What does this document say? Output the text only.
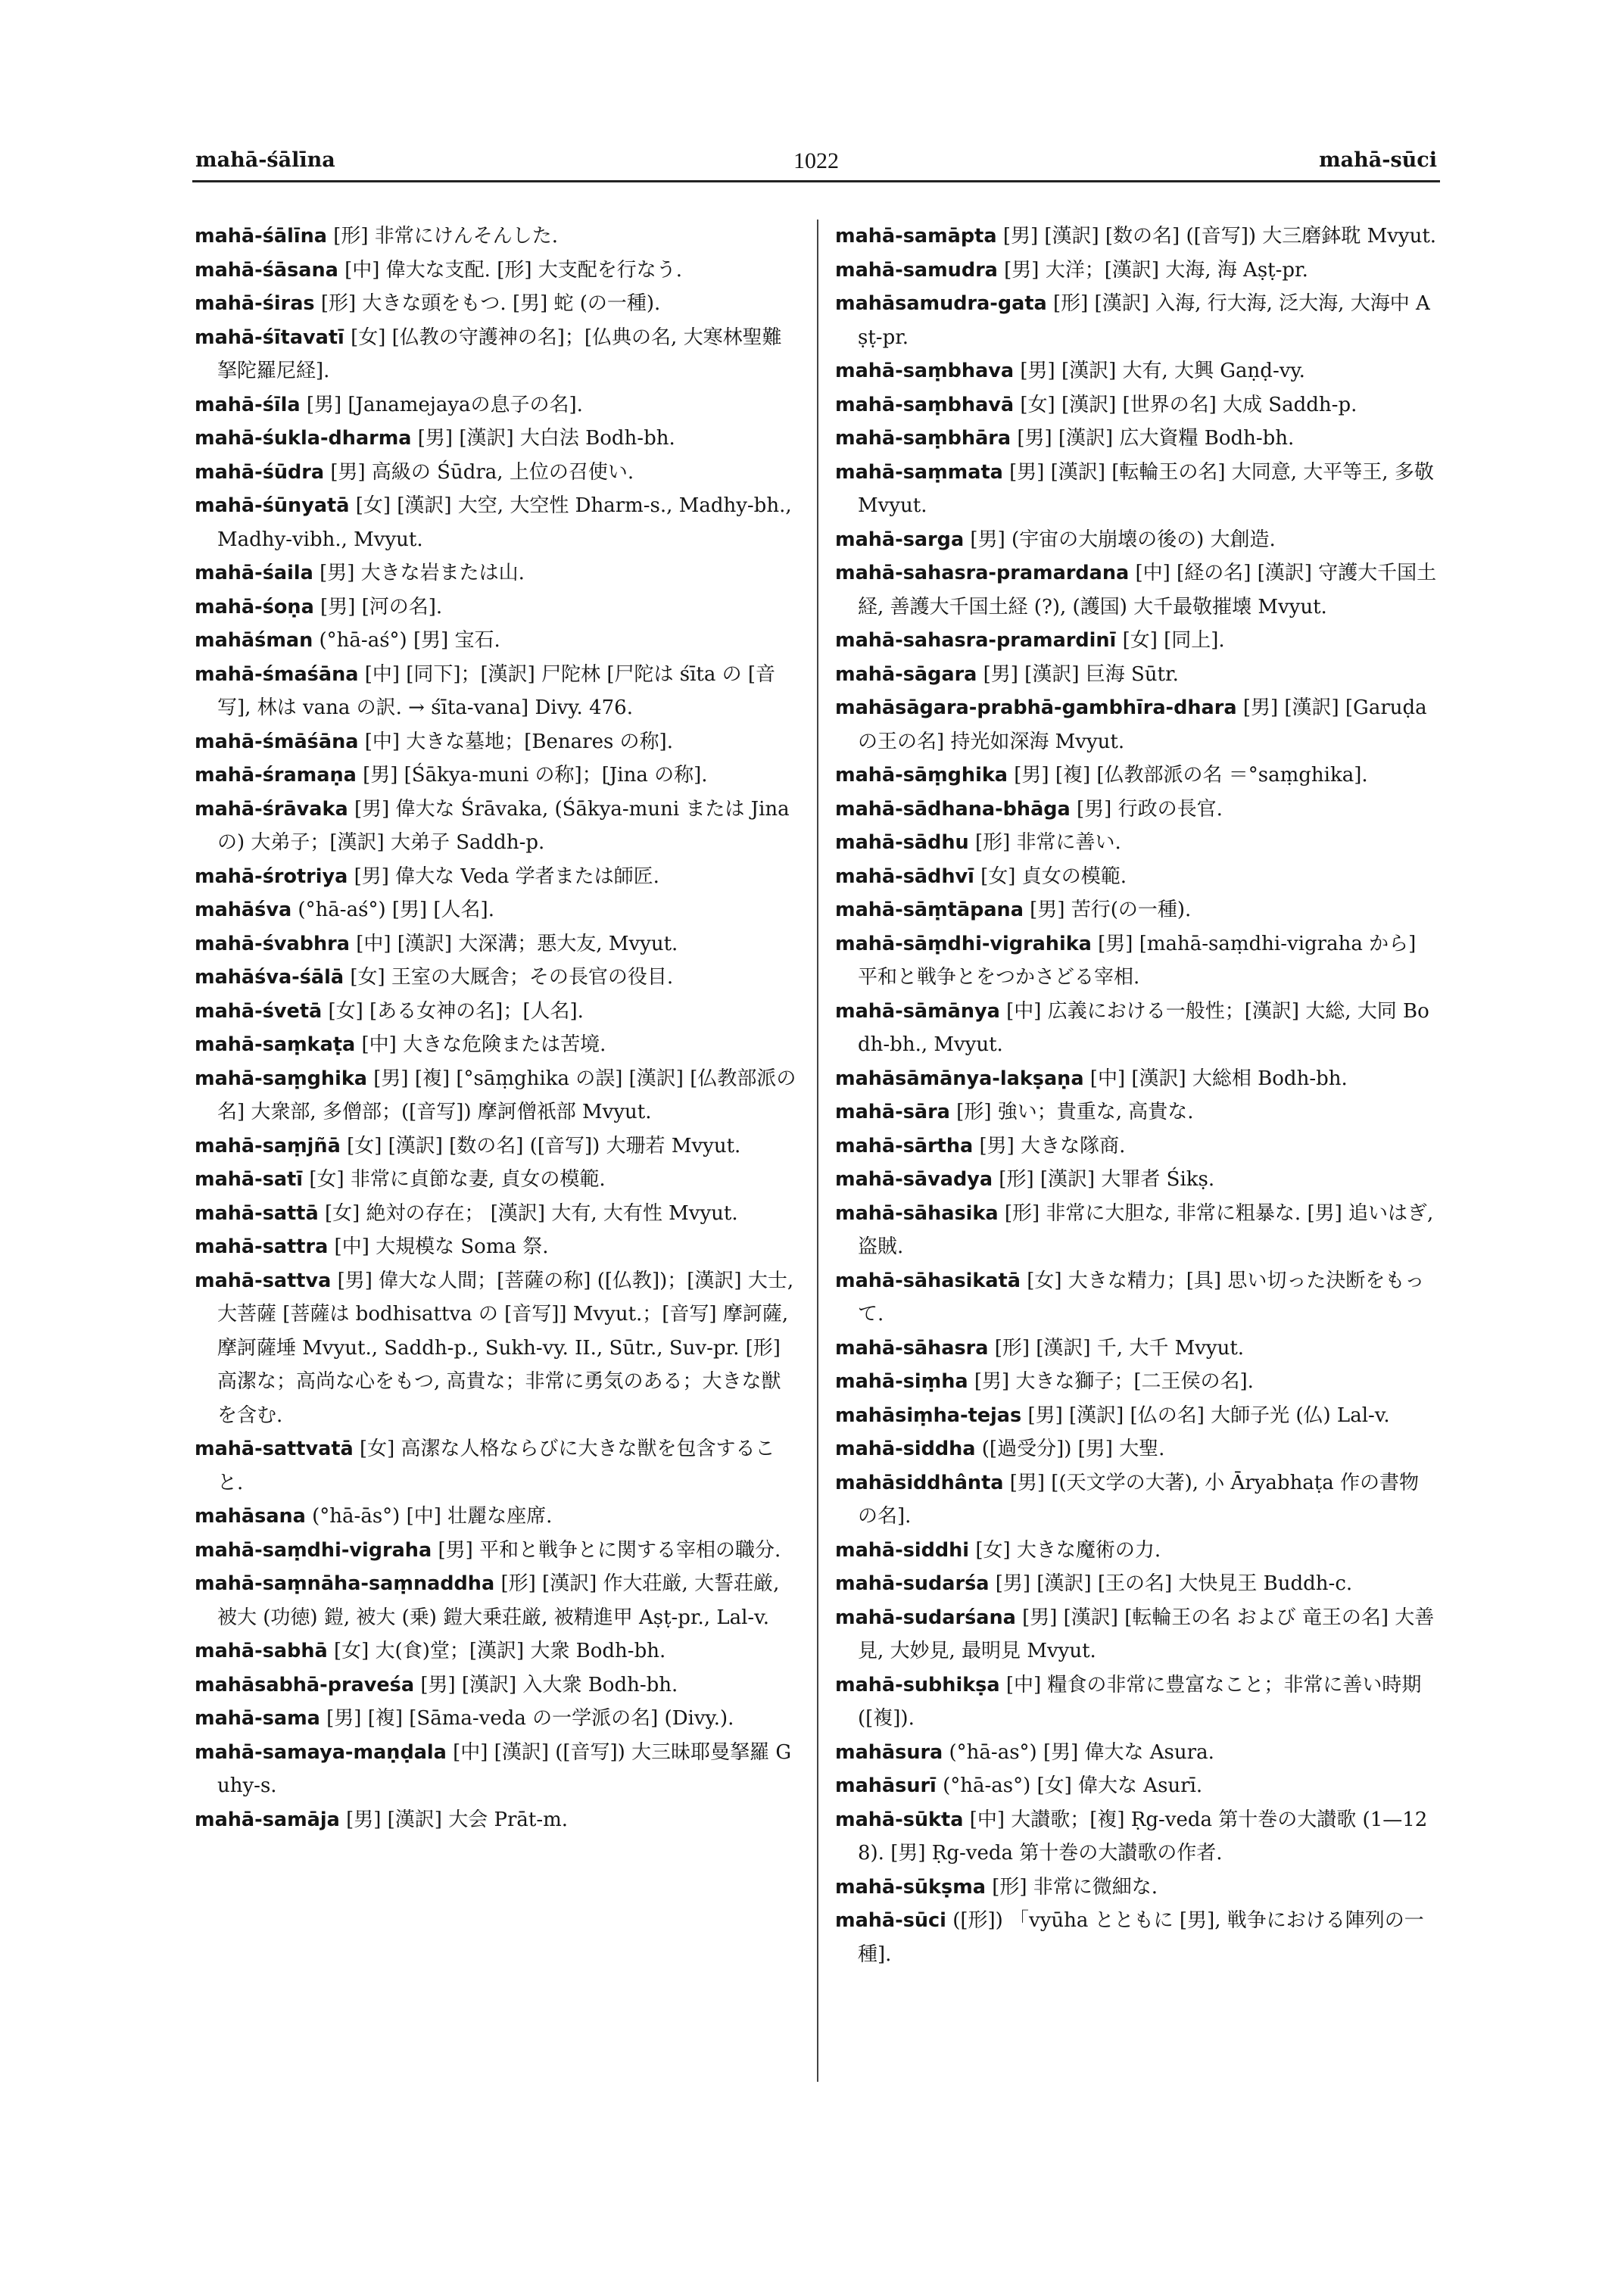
mahā-śālīna	1022	mahā-sūci
mahā-śālīna [形] 非常にけんそんした.
mahā-śāsana [中] 偉大な支配. [形] 大支配を行なう.
mahā-śiras [形] 大きな頭をもつ. [男] 蛇 (の一種).
mahā-śītavatī [女] [仏教の守護神の名]；[仏典の名, 大寒林聖難拏陀羅尼経].
mahā-śīla [男] [Janamejayaの息子の名].
mahā-śukla-dharma [男] [漢訳] 大白法 Bodh-bh.
mahā-śūdra [男] 高級の Śūdra, 上位の召使い.
mahā-śūnyatā [女] [漢訳] 大空, 大空性 Dharm-s., Madhy-bh., Madhy-vibh., Mvyut.
mahā-śaila [男] 大きな岩または山.
mahā-śoṇa [男] [河の名].
mahāśman (°hā-aś°) [男] 宝石.
mahā-śmaśāna [中] [同下]；[漢訳] 尸陀林 [尸陀は śīta の [音写], 林は vana の訳. → śīta-vana] Divy. 476.
mahā-śmāśāna [中] 大きな墓地；[Benares の称].
mahā-śramaṇa [男] [Śākya-muni の称]；[Jina の称].
mahā-śrāvaka [男] 偉大な Śrāvaka, (Śākya-muni または Jina の) 大弟子；[漢訳] 大弟子 Saddh-p.
mahā-śrotriya [男] 偉大な Veda 学者または師匠.
mahāśva (°hā-aś°) [男] [人名].
mahā-śvabhra [中] [漢訳] 大深溝；悪大友, Mvyut.
mahāśva-śālā [女] 王室の大厩舎；その長官の役目.
mahā-śvetā [女] [ある女神の名]；[人名].
mahā-saṃkaṭa [中] 大きな危険または苦境.
mahā-saṃghika [男] [複] [°sāṃghika の誤] [漢訳] [仏教部派の名] 大衆部, 多僧部；([音写]) 摩訶僧祇部 Mvyut.
mahā-saṃjñā [女] [漢訳] [数の名] ([音写]) 大珊若 Mvyut.
mahā-satī [女] 非常に貞節な妻, 貞女の模範.
mahā-sattā [女] 絶対の存在； [漢訳] 大有, 大有性 Mvyut.
mahā-sattra [中] 大規模な Soma 祭.
mahā-sattva [男] 偉大な人間；[菩薩の称] ([仏教])；[漢訳] 大士, 大菩薩 [菩薩は bodhisattva の [音写]] Mvyut.；[音写] 摩訶薩, 摩訶薩埵 Mvyut., Saddh-p., Sukh-vy. II., Sūtr., Suv-pr. [形] 高潔な；高尚な心をもつ, 高貴な；非常に勇気のある；大きな獣を含む.
mahā-sattvatā [女] 高潔な人格ならびに大きな獣を包含すること.
mahāsana (°hā-ās°) [中] 壮麗な座席.
mahā-saṃdhi-vigraha [男] 平和と戦争とに関する宰相の職分.
mahā-saṃnāha-saṃnaddha [形] [漢訳] 作大荘厳, 大誓荘厳, 被大 (功徳) 鎧, 被大 (乗) 鎧大乗荘厳, 被精進甲 Aṣṭ-pr., Lal-v.
mahā-sabhā [女] 大(食)堂；[漢訳] 大衆 Bodh-bh.
mahāsabhā-praveśa [男] [漢訳] 入大衆 Bodh-bh.
mahā-sama [男] [複] [Sāma-veda の一学派の名] (Divy.).
mahā-samaya-maṇḍala [中] [漢訳] ([音写]) 大三昧耶曼拏羅 Guhy-s.
mahā-samāja [男] [漢訳] 大会 Prāt-m.
mahā-samāpta [男] [漢訳] [数の名] ([音写]) 大三磨鉢耽 Mvyut.
mahā-samudra [男] 大洋；[漢訳] 大海, 海 Aṣṭ-pr.
mahāsamudra-gata [形] [漢訳] 入海, 行大海, 泛大海, 大海中 Aṣṭ-pr.
mahā-saṃbhava [男] [漢訳] 大有, 大興 Gaṇḍ-vy.
mahā-saṃbhavā [女] [漢訳] [世界の名] 大成 Saddh-p.
mahā-saṃbhāra [男] [漢訳] 広大資糧 Bodh-bh.
mahā-saṃmata [男] [漢訳] [転輪王の名] 大同意, 大平等王, 多敬 Mvyut.
mahā-sarga [男] (宇宙の大崩壊の後の) 大創造.
mahā-sahasra-pramardana [中] [経の名] [漢訳] 守護大千国土経, 善護大千国土経 (?), (護国) 大千最敬摧壊 Mvyut.
mahā-sahasra-pramardinī [女] [同上].
mahā-sāgara [男] [漢訳] 巨海 Sūtr.
mahāsāgara-prabhā-gambhīra-dhara [男] [漢訳] [Garuḍa の王の名] 持光如深海 Mvyut.
mahā-sāṃghika [男] [複] [仏教部派の名 ＝°saṃghika].
mahā-sādhana-bhāga [男] 行政の長官.
mahā-sādhu [形] 非常に善い.
mahā-sādhvī [女] 貞女の模範.
mahā-sāṃtāpana [男] 苦行(の一種).
mahā-sāṃdhi-vigrahika [男] [mahā-saṃdhi-vigraha から] 平和と戦争とをつかさどる宰相.
mahā-sāmānya [中] 広義における一般性；[漢訳] 大総, 大同 Bodh-bh., Mvyut.
mahāsāmānya-lakṣaṇa [中] [漢訳] 大総相 Bodh-bh.
mahā-sāra [形] 強い；貴重な, 高貴な.
mahā-sārtha [男] 大きな隊商.
mahā-sāvadya [形] [漢訳] 大罪者 Śikṣ.
mahā-sāhasika [形] 非常に大胆な, 非常に粗暴な. [男] 追いはぎ, 盗賊.
mahā-sāhasikatā [女] 大きな精力；[具] 思い切った決断をもって.
mahā-sāhasra [形] [漢訳] 千, 大千 Mvyut.
mahā-siṃha [男] 大きな獅子；[二王侯の名].
mahāsiṃha-tejas [男] [漢訳] [仏の名] 大師子光 (仏) Lal-v.
mahā-siddha ([過受分]) [男] 大聖.
mahāsiddhânta [男] [(天文学の大著), 小 Āryabhaṭa 作の書物の名].
mahā-siddhi [女] 大きな魔術の力.
mahā-sudarśa [男] [漢訳] [王の名] 大快見王 Buddh-c.
mahā-sudarśana [男] [漢訳] [転輪王の名 および 竜王の名] 大善見, 大妙見, 最明見 Mvyut.
mahā-subhikṣa [中] 糧食の非常に豊富なこと；非常に善い時期 ([複]).
mahāsura (°hā-as°) [男] 偉大な Asura.
mahāsurī (°hā-as°) [女] 偉大な Asurī.
mahā-sūkta [中] 大讃歌；[複] Ṛg-veda 第十巻の大讃歌 (1—128). [男] Ṛg-veda 第十巻の大讃歌の作者.
mahā-sūkṣma [形] 非常に微細な.
mahā-sūci ([形]) 「vyūha とともに [男], 戦争における陣列の一種].
